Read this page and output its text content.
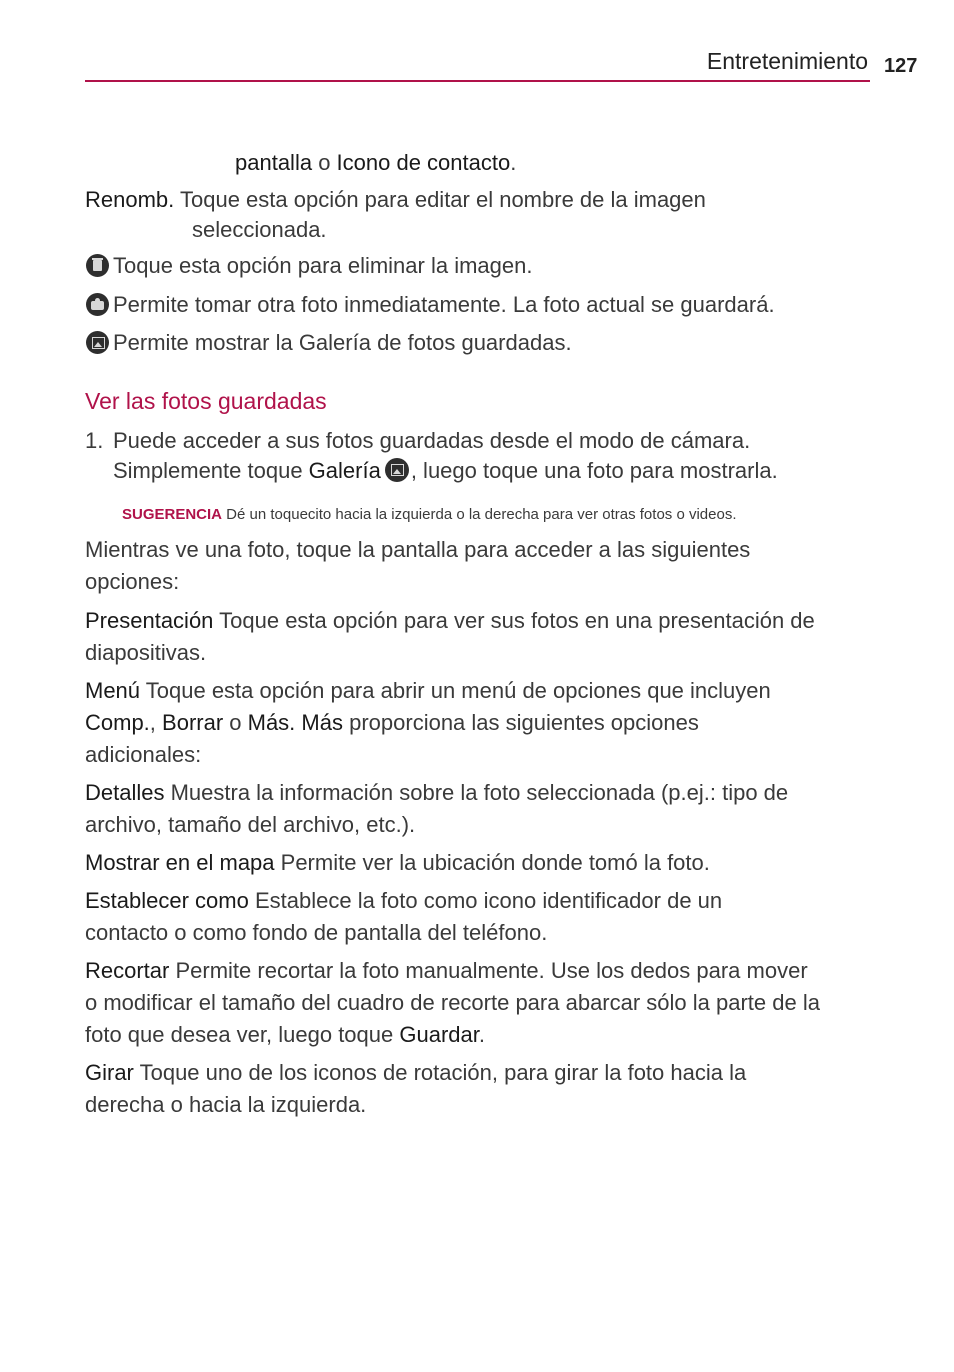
Entretenimiento 127
pantalla o Icono de contacto.
Renomb. Toque esta opción para editar el nombre de la imagen
seleccionada.
Toque esta opción para eliminar la imagen.
Permite tomar otra foto inmediatamente. La foto actual se guardará.
Permite mostrar la Galería de fotos guardadas.
Ver las fotos guardadas
1. Puede acceder a sus fotos guardadas desde el modo de cámara.
Simplemente toque Galería , luego toque una foto para mostrarla.
SUGERENCIA Dé un toquecito hacia la izquierda o la derecha para ver otras fotos o videos.
Mientras ve una foto, toque la pantalla para acceder a las siguientes
opciones:
Presentación Toque esta opción para ver sus fotos en una presentación de
diapositivas.
Menú Toque esta opción para abrir un menú de opciones que incluyen
Comp., Borrar o Más. Más proporciona las siguientes opciones
adicionales:
Detalles Muestra la información sobre la foto seleccionada (p.ej.: tipo de
archivo, tamaño del archivo, etc.).
Mostrar en el mapa Permite ver la ubicación donde tomó la foto.
Establecer como Establece la foto como icono identificador de un
contacto o como fondo de pantalla del teléfono.
Recortar Permite recortar la foto manualmente. Use los dedos para mover
o modificar el tamaño del cuadro de recorte para abarcar sólo la parte de la
foto que desea ver, luego toque Guardar.
Girar Toque uno de los iconos de rotación, para girar la foto hacia la
derecha o hacia la izquierda.
